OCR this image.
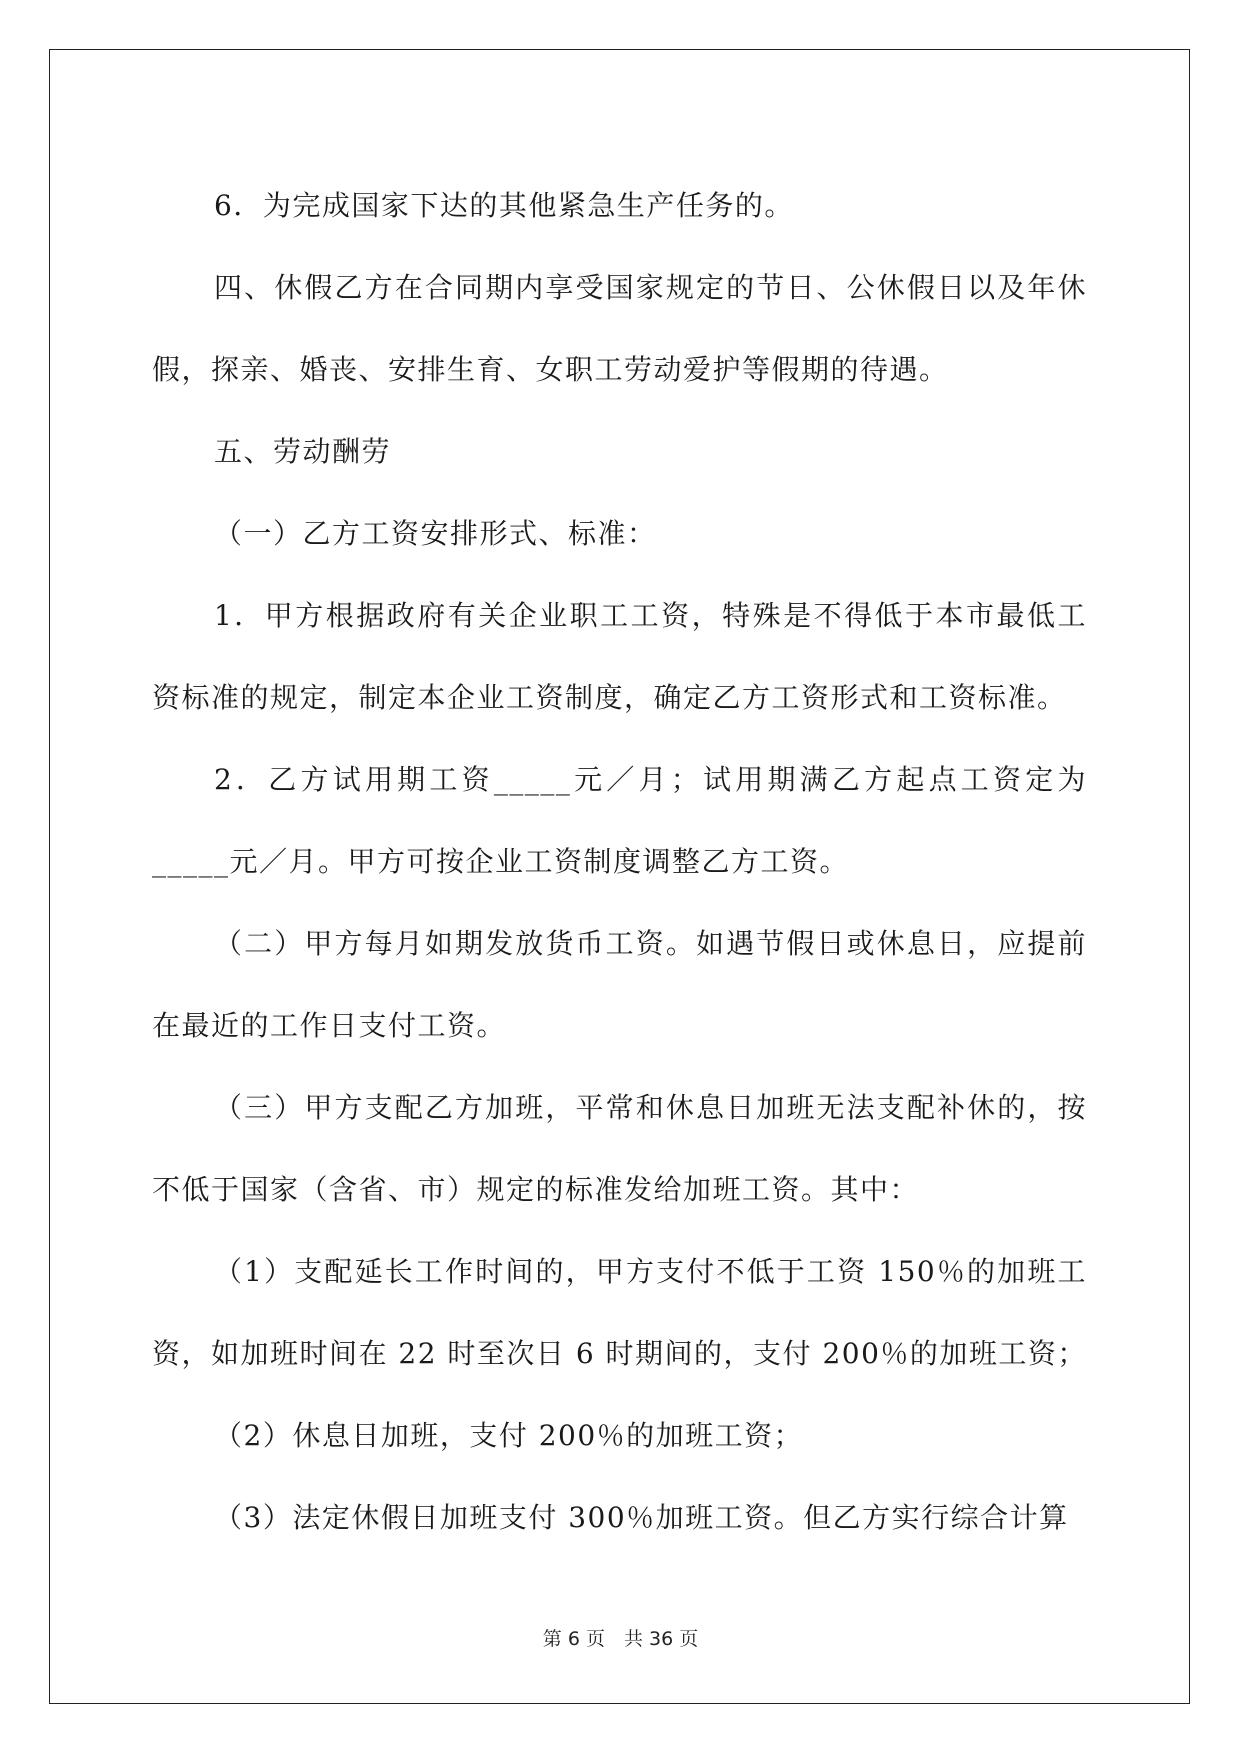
6．为完成国家下达的其他紧急生产任务的。

四、休假乙方在合同期内享受国家规定的节日、公休假日以及年休假，探亲、婚丧、安排生育、女职工劳动爱护等假期的待遇。

五、劳动酬劳

（一）乙方工资安排形式、标准：

1．甲方根据政府有关企业职工工资，特殊是不得低于本市最低工资标准的规定，制定本企业工资制度，确定乙方工资形式和工资标准。

2．乙方试用期工资_____元／月；试用期满乙方起点工资定为_____元／月。甲方可按企业工资制度调整乙方工资。

（二）甲方每月如期发放货币工资。如遇节假日或休息日，应提前在最近的工作日支付工资。

（三）甲方支配乙方加班，平常和休息日加班无法支配补休的，按不低于国家（含省、市）规定的标准发给加班工资。其中：

（1）支配延长工作时间的，甲方支付不低于工资 150％的加班工资，如加班时间在 22 时至次日 6 时期间的，支付 200％的加班工资；

（2）休息日加班，支付 200％的加班工资；

（3）法定休假日加班支付 300％加班工资。但乙方实行综合计算

第 6 页　共 36 页
